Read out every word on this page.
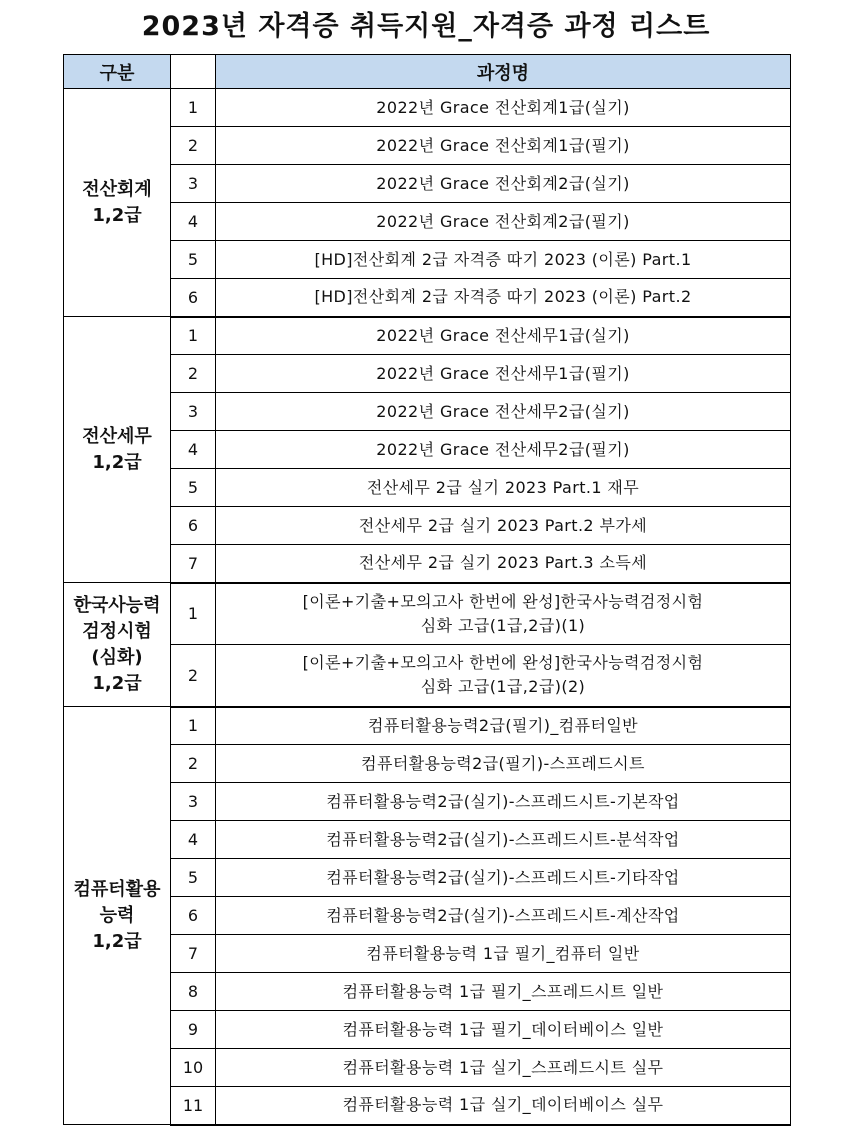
2023년 자격증 취득지원_자격증 과정 리스트
구분		과정명

전산회계
1,2급	1	2022년 Grace 전산회계1급(실기)

	2	2022년 Grace 전산회계1급(필기)

	3	2022년 Grace 전산회계2급(실기)

	4	2022년 Grace 전산회계2급(필기)

	5	[HD]전산회계 2급 자격증 따기 2023 (이론) Part.1

	6	[HD]전산회계 2급 자격증 따기 2023 (이론) Part.2

전산세무
1,2급	1	2022년 Grace 전산세무1급(실기)

	2	2022년 Grace 전산세무1급(필기)

	3	2022년 Grace 전산세무2급(실기)

	4	2022년 Grace 전산세무2급(필기)

	5	전산세무 2급 실기 2023 Part.1 재무

	6	전산세무 2급 실기 2023 Part.2 부가세

	7	전산세무 2급 실기 2023 Part.3 소득세

한국사능력
검정시험
(심화)
1,2급	1	[이론+기출+모의고사 한번에 완성]한국사능력검정시험
심화 고급(1급,2급)(1)

	2	[이론+기출+모의고사 한번에 완성]한국사능력검정시험
심화 고급(1급,2급)(2)

컴퓨터활용
능력
1,2급	1	컴퓨터활용능력2급(필기)_컴퓨터일반

	2	컴퓨터활용능력2급(필기)-스프레드시트

	3	컴퓨터활용능력2급(실기)-스프레드시트-기본작업

	4	컴퓨터활용능력2급(실기)-스프레드시트-분석작업

	5	컴퓨터활용능력2급(실기)-스프레드시트-기타작업

	6	컴퓨터활용능력2급(실기)-스프레드시트-계산작업

	7	컴퓨터활용능력 1급 필기_컴퓨터 일반

	8	컴퓨터활용능력 1급 필기_스프레드시트 일반

	9	컴퓨터활용능력 1급 필기_데이터베이스 일반

	10	컴퓨터활용능력 1급 실기_스프레드시트 실무

	11	컴퓨터활용능력 1급 실기_데이터베이스 실무
